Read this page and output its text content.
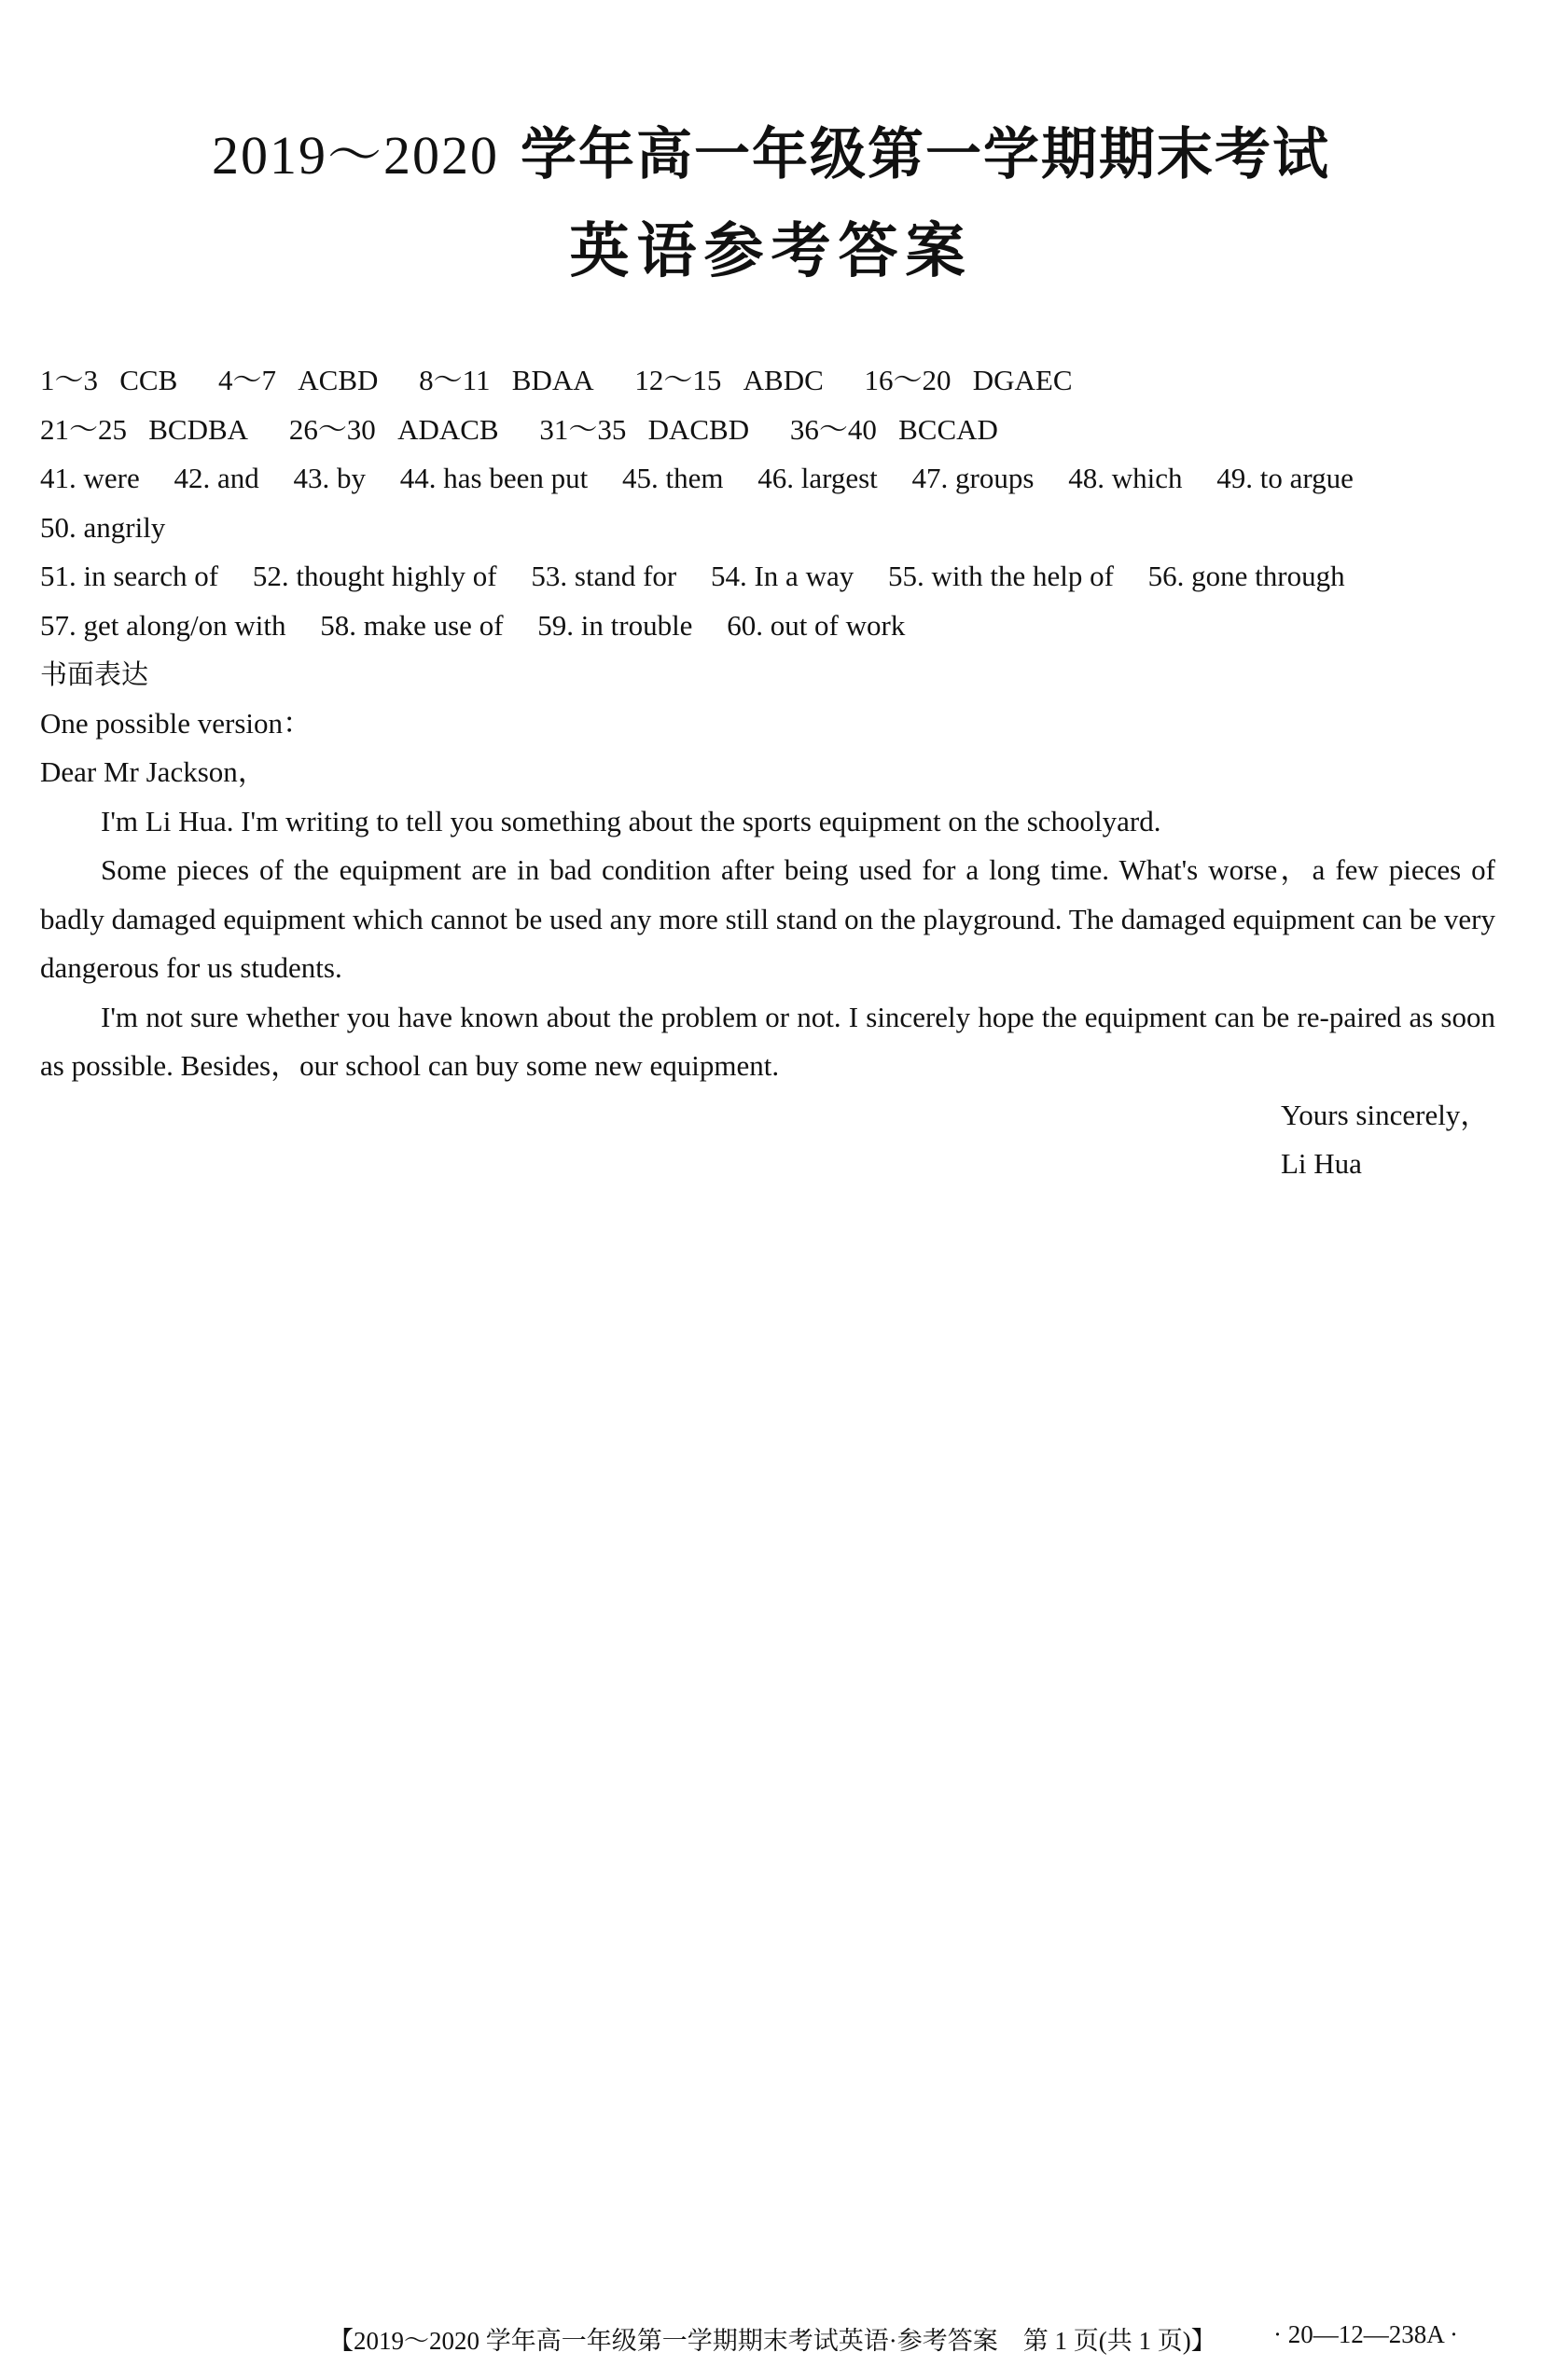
2019～2020 学年高一年级第一学期期末考试
英语参考答案
1～3 CCB 4～7 ACBD 8～11 BDAA 12～15 ABDC 16～20 DGAEC
21～25 BCDBA 26～30 ADACB 31～35 DACBD 36～40 BCCAD
41. were 42. and 43. by 44. has been put 45. them 46. largest 47. groups 48. which 49. to argue
50. angrily
51. in search of 52. thought highly of 53. stand for 54. In a way 55. with the help of 56. gone through
57. get along/on with 58. make use of 59. in trouble 60. out of work
书面表达
One possible version：
Dear Mr Jackson，
I'm Li Hua. I'm writing to tell you something about the sports equipment on the schoolyard.
Some pieces of the equipment are in bad condition after being used for a long time. What's worse，a few pieces of badly damaged equipment which cannot be used any more still stand on the playground. The damaged equipment can be very dangerous for us students.
I'm not sure whether you have known about the problem or not. I sincerely hope the equipment can be re-paired as soon as possible. Besides，our school can buy some new equipment.
Yours sincerely，
Li Hua
【2019～2020 学年高一年级第一学期期末考试英语·参考答案　第 1 页(共 1 页)】 · 20—12—238A ·
